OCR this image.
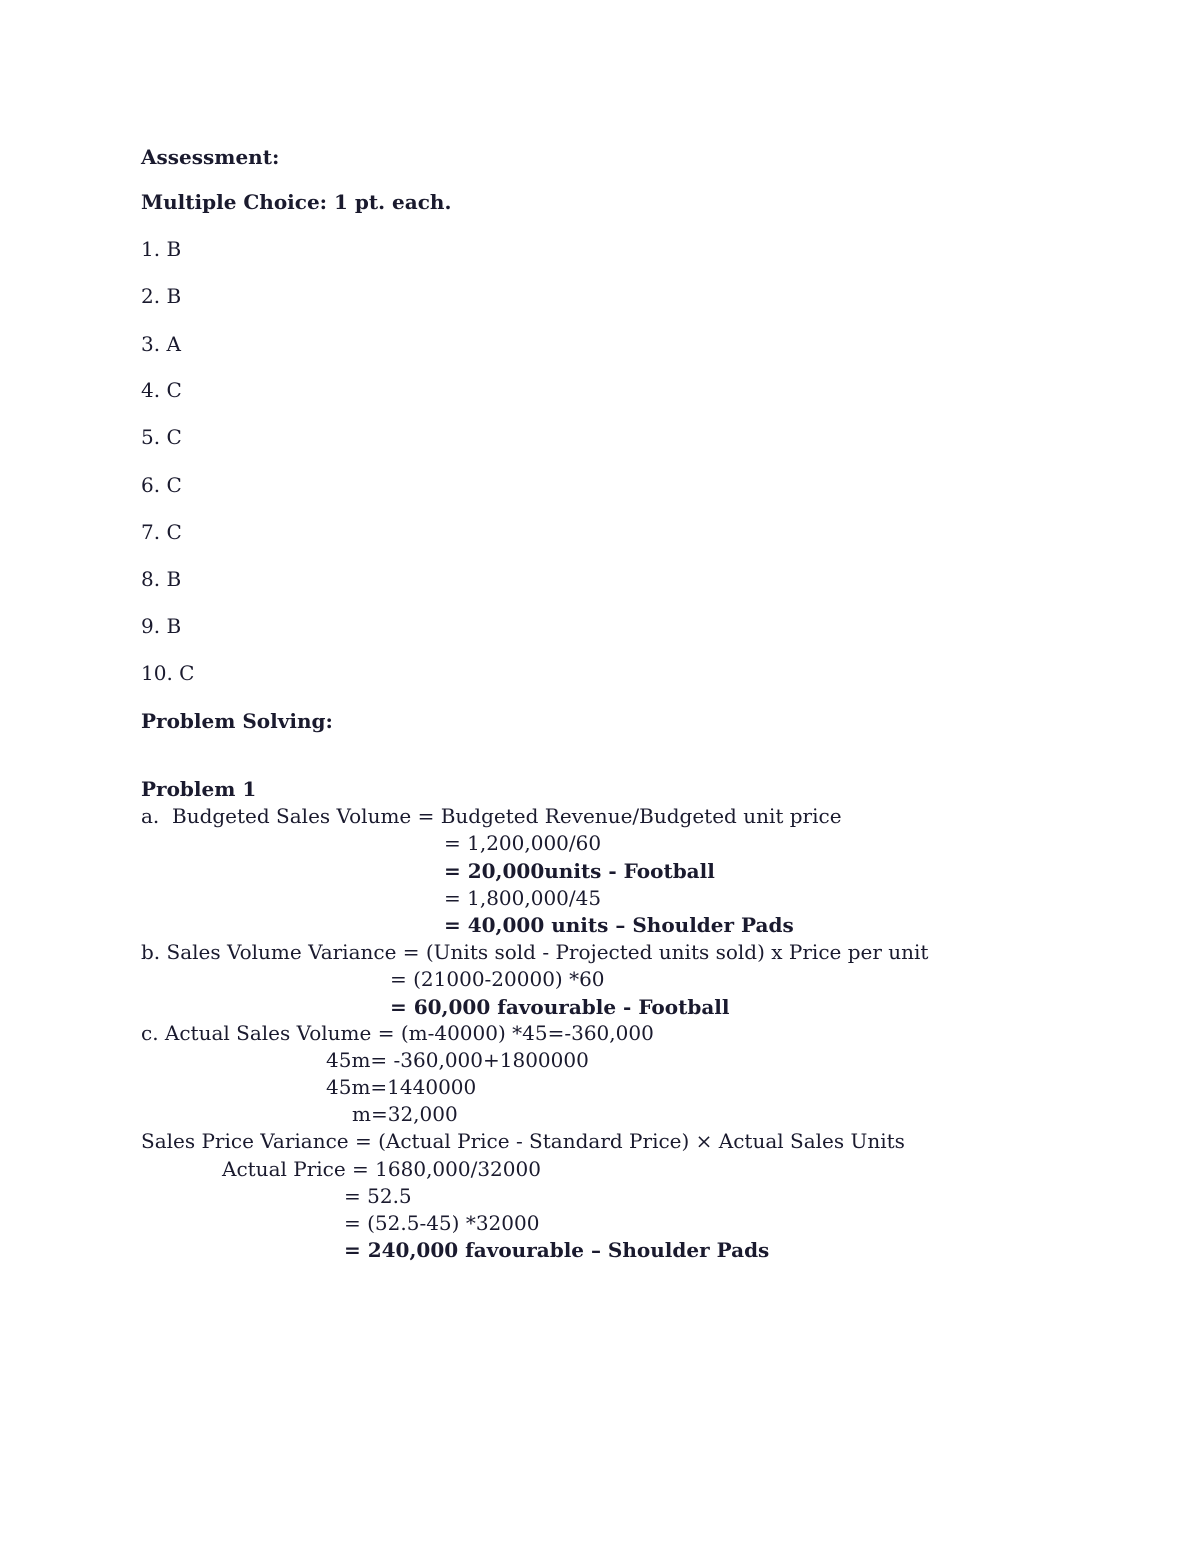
Assessment:
Multiple Choice: 1 pt. each.
1. B
2. B
3. A
4. C
5. C
6. C
7. C
8. B
9. B
10. C
Problem Solving:
Problem 1
a.  Budgeted Sales Volume = Budgeted Revenue/Budgeted unit price
= 1,200,000/60
= 20,000units - Football
= 1,800,000/45
= 40,000 units – Shoulder Pads
b. Sales Volume Variance = (Units sold - Projected units sold) x Price per unit
= (21000-20000) *60
= 60,000 favourable - Football
c. Actual Sales Volume = (m-40000) *45=-360,000
45m= -360,000+1800000
45m=1440000
m=32,000
Sales Price Variance = (Actual Price - Standard Price) × Actual Sales Units
Actual Price = 1680,000/32000
= 52.5
= (52.5-45) *32000
= 240,000 favourable – Shoulder Pads
